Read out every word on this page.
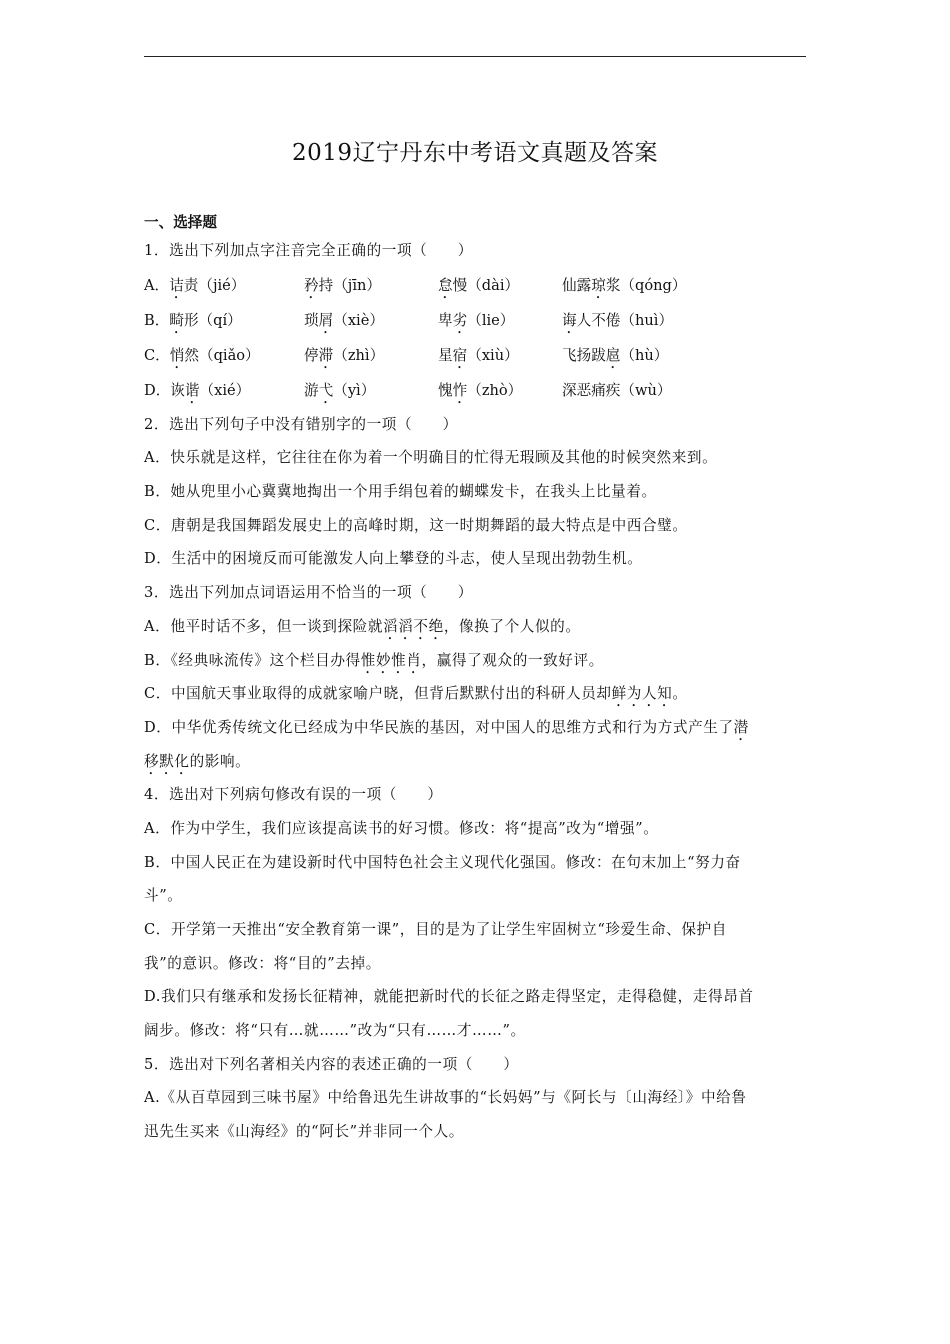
2019辽宁丹东中考语文真题及答案
一、选择题
1．选出下列加点字注音完全正确的一项（　　）
A．诘责（jié）	矜持（jīn）	怠慢（dài）	仙露琼浆（qóng）
B．畸形（qí）	琐屑（xiè）	卑劣（lie）	诲人不倦（huì）
C．悄然（qiǎo）	停滞（zhì）	星宿（xiù）	飞扬跋扈（hù）
D．诙谐（xié）	游弋（yì）	愧怍（zhò）	深恶痛疾（wù）
2．选出下列句子中没有错别字的一项（　　）
A．快乐就是这样，它往往在你为着一个明确目的忙得无瑕顾及其他的时候突然来到。
B．她从兜里小心冀冀地掏出一个用手绢包着的蝴蝶发卡，在我头上比量着。
C．唐朝是我国舞蹈发展史上的高峰时期，这一时期舞蹈的最大特点是中西合璧。
D．生活中的困境反而可能激发人向上攀登的斗志，使人呈现出勃勃生机。
3．选出下列加点词语运用不恰当的一项（　　）
A．他平时话不多，但一谈到探险就滔滔不绝，像换了个人似的。
B．《经典咏流传》这个栏目办得惟妙惟肖，赢得了观众的一致好评。
C．中国航天事业取得的成就家喻户晓，但背后默默付出的科研人员却鲜为人知。
D．中华优秀传统文化已经成为中华民族的基因，对中国人的思维方式和行为方式产生了潜
移默化的影响。
4．选出对下列病句修改有误的一项（　　）
A．作为中学生，我们应该提高读书的好习惯。修改：将“提高”改为“增强”。
B．中国人民正在为建设新时代中国特色社会主义现代化强国。修改：在句末加上“努力奋
斗”。
C．开学第一天推出“安全教育第一课”，目的是为了让学生牢固树立“珍爱生命、保护自
我”的意识。修改：将“目的”去掉。
D.我们只有继承和发扬长征精神，就能把新时代的长征之路走得坚定，走得稳健，走得昂首
阔步。修改：将“只有…就……”改为“只有……才……”。
5．选出对下列名著相关内容的表述正确的一项（　　）
A.《从百草园到三味书屋》中给鲁迅先生讲故事的“长妈妈”与《阿长与〔山海经〕》中给鲁
迅先生买来《山海经》的“阿长”并非同一个人。
